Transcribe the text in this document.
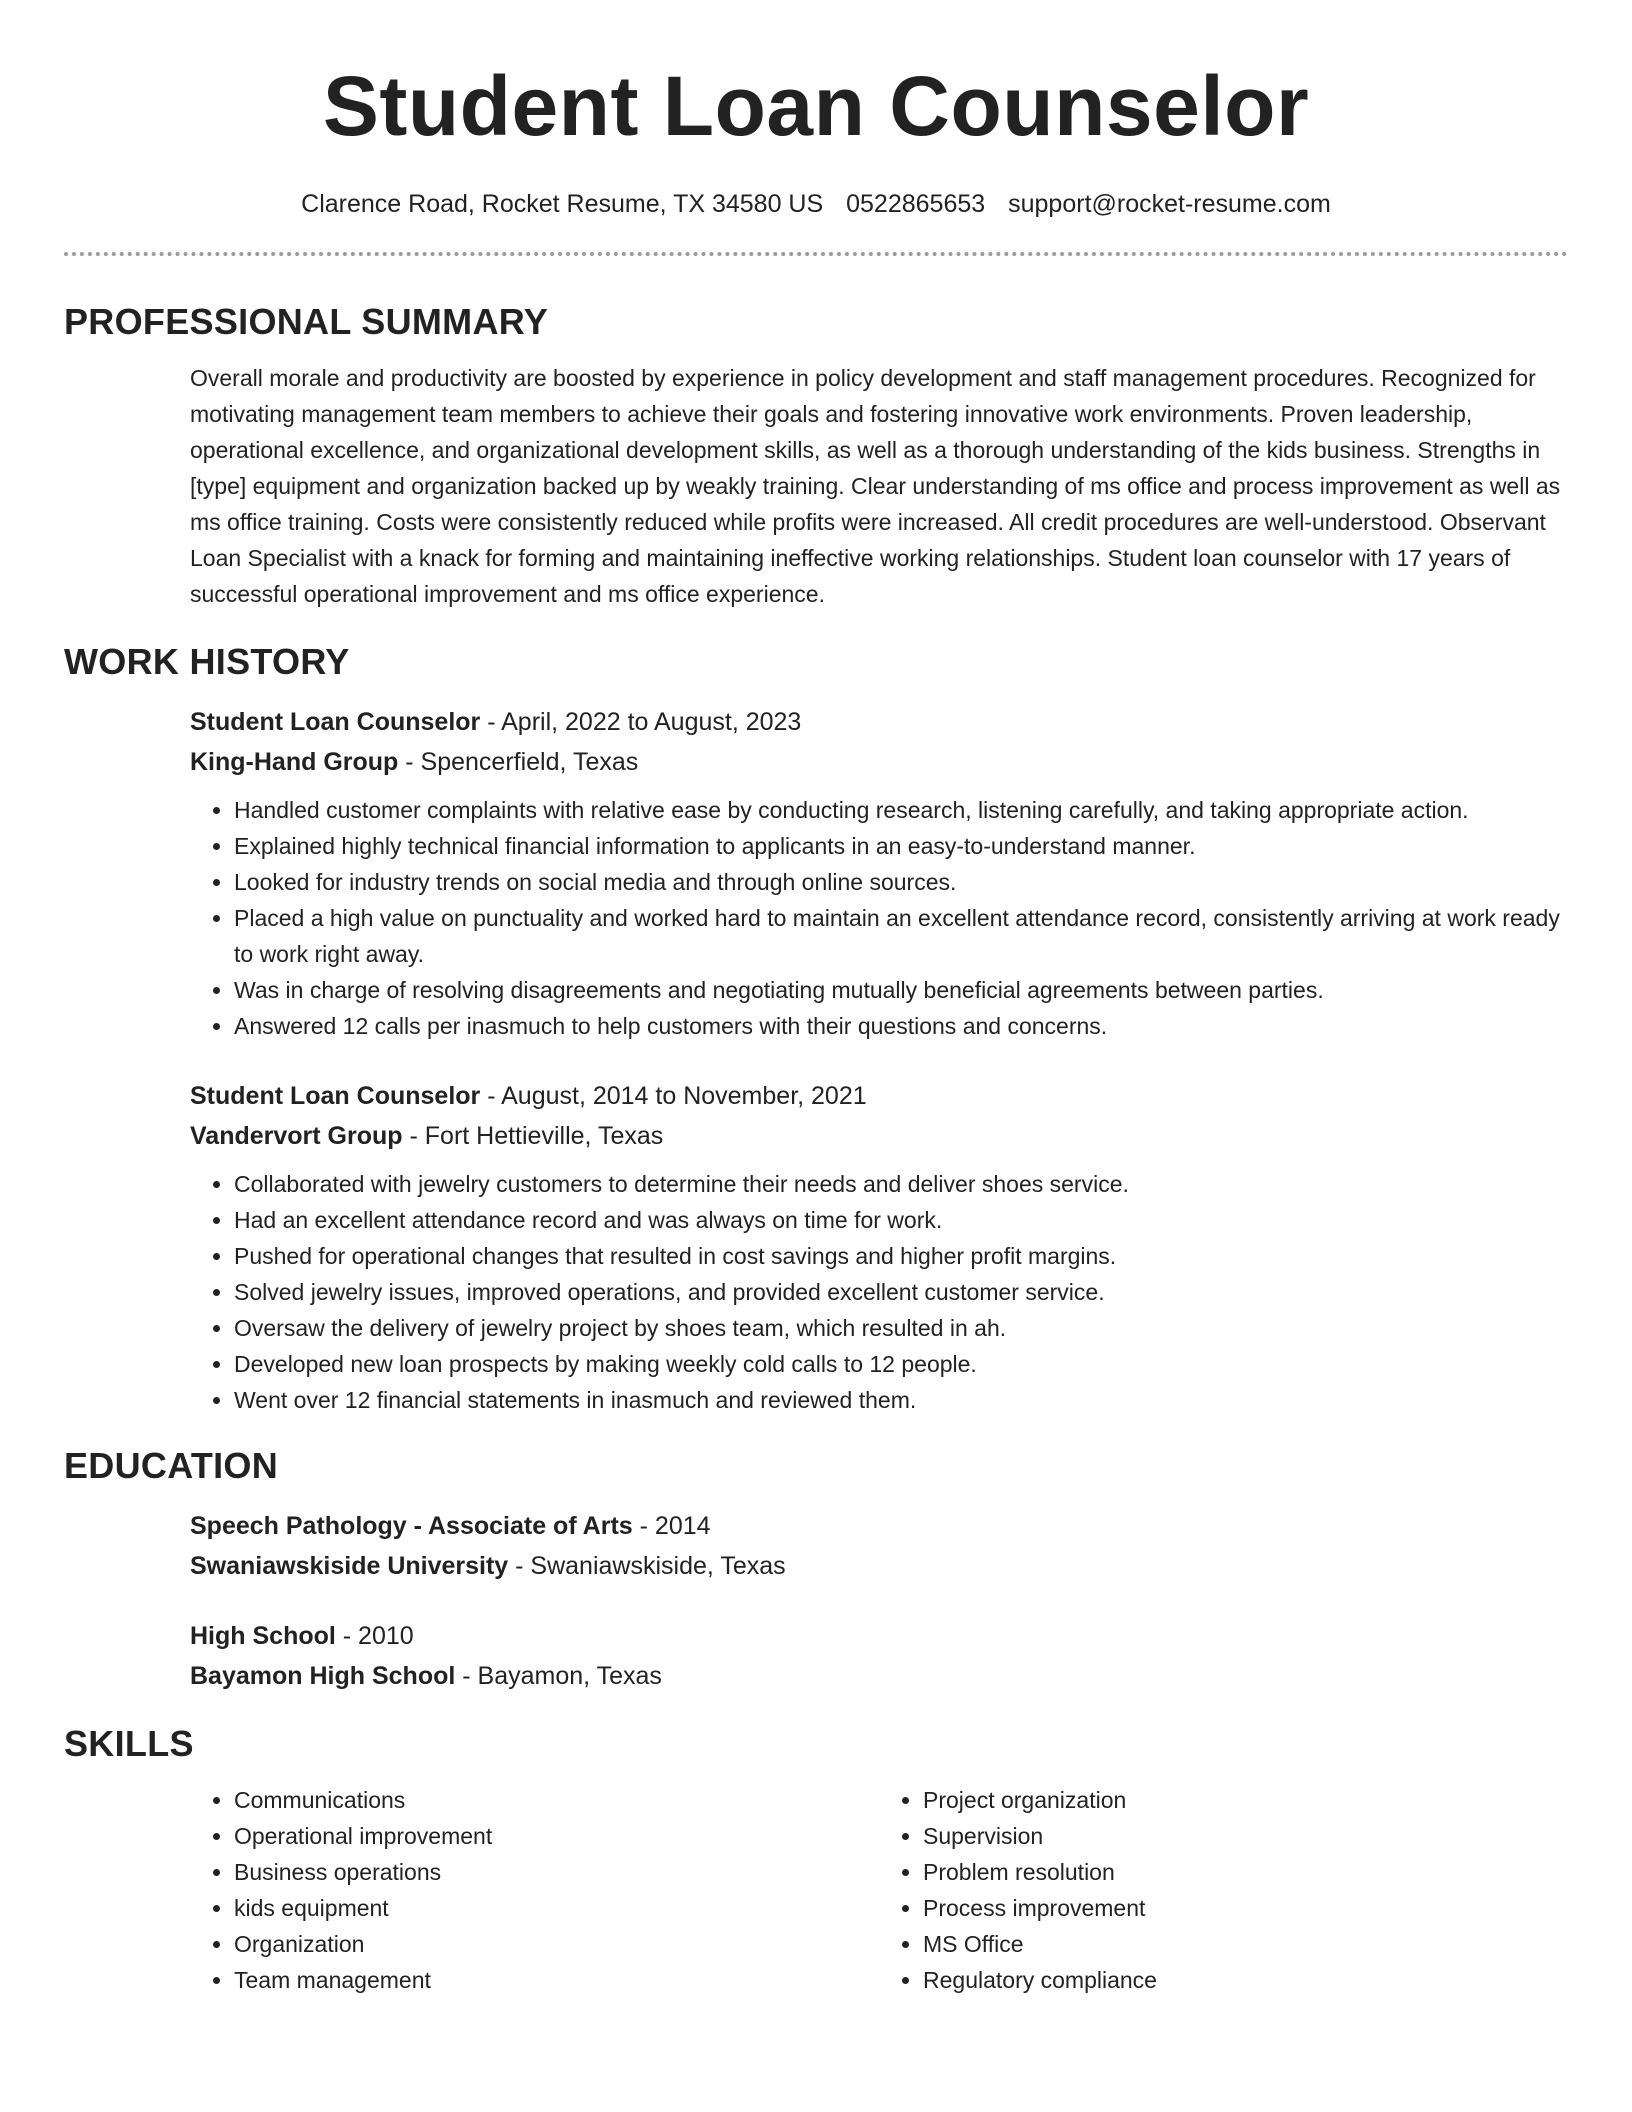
Student Loan Counselor
Clarence Road, Rocket Resume, TX 34580 US 0522865653 support@rocket-resume.com
PROFESSIONAL SUMMARY

Overall morale and productivity are boosted by experience in policy development and staff management procedures. Recognized for motivating management team members to achieve their goals and fostering innovative work environments. Proven leadership, operational excellence, and organizational development skills, as well as a thorough understanding of the kids business. Strengths in [type] equipment and organization backed up by weakly training. Clear understanding of ms office and process improvement as well as ms office training. Costs were consistently reduced while profits were increased. All credit procedures are well-understood. Observant Loan Specialist with a knack for forming and maintaining ineffective working relationships. Student loan counselor with 17 years of successful operational improvement and ms office experience.

WORK HISTORY

Student Loan Counselor - April, 2022 to August, 2023

King-Hand Group - Spencerfield, Texas

• Handled customer complaints with relative ease by conducting research, listening carefully, and taking appropriate action.
• Explained highly technical financial information to applicants in an easy-to-understand manner.
• Looked for industry trends on social media and through online sources.
• Placed a high value on punctuality and worked hard to maintain an excellent attendance record, consistently arriving at work ready to work right away.
• Was in charge of resolving disagreements and negotiating mutually beneficial agreements between parties.
• Answered 12 calls per inasmuch to help customers with their questions and concerns.

Student Loan Counselor - August, 2014 to November, 2021

Vandervort Group - Fort Hettieville, Texas

• Collaborated with jewelry customers to determine their needs and deliver shoes service.
• Had an excellent attendance record and was always on time for work.
• Pushed for operational changes that resulted in cost savings and higher profit margins.
• Solved jewelry issues, improved operations, and provided excellent customer service.
• Oversaw the delivery of jewelry project by shoes team, which resulted in ah.
• Developed new loan prospects by making weekly cold calls to 12 people.
• Went over 12 financial statements in inasmuch and reviewed them.
EDUCATION

Speech Pathology - Associate of Arts - 2014

Swaniawskiside University - Swaniawskiside, Texas

High School - 2010

Bayamon High School - Bayamon, Texas

SKILLS
• Communications
• Operational improvement
• Business operations
• kids equipment
• Organization
• Team management
• Project organization
• Supervision
• Problem resolution
• Process improvement
• MS Office
• Regulatory compliance
